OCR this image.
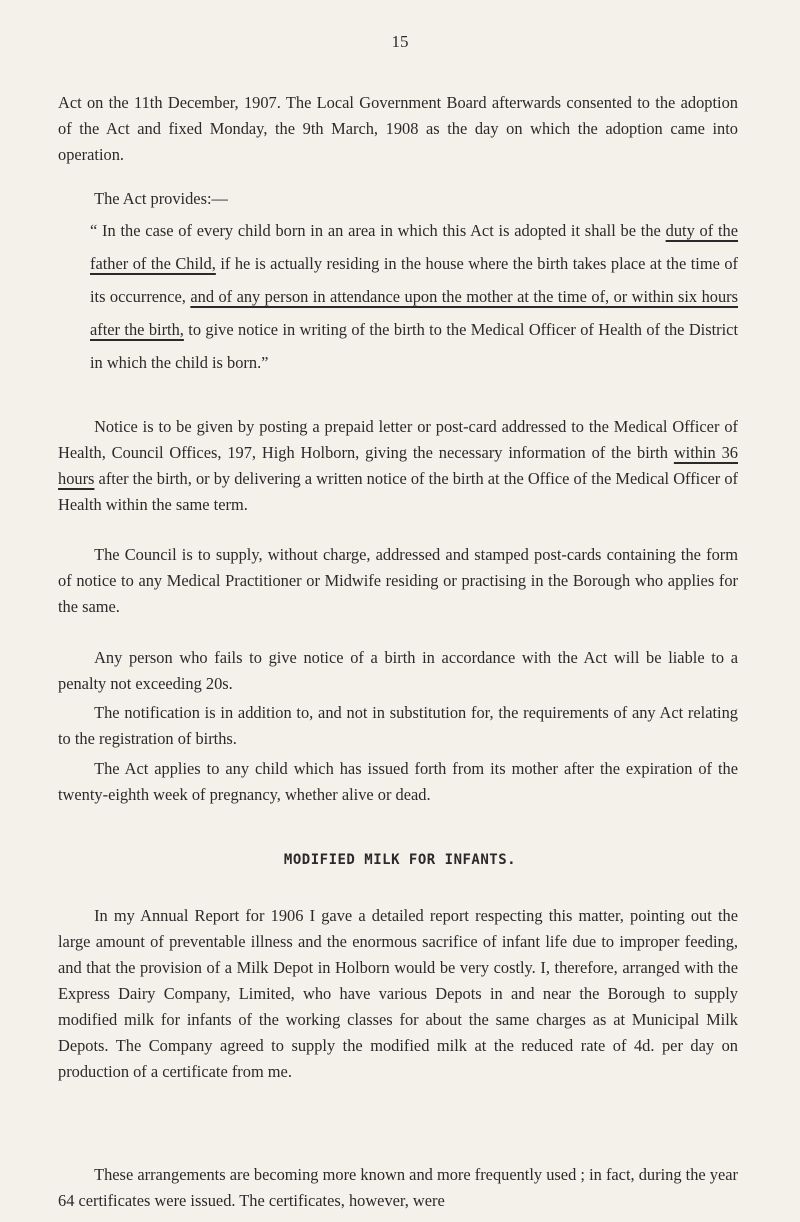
15
Act on the 11th December, 1907. The Local Government Board afterwards consented to the adoption of the Act and fixed Monday, the 9th March, 1908 as the day on which the adoption came into operation.
The Act provides:—
“ In the case of every child born in an area in which this Act is adopted it shall be the duty of the father of the Child, if he is actually residing in the house where the birth takes place at the time of its occurrence, and of any person in attendance upon the mother at the time of, or within six hours after the birth, to give notice in writing of the birth to the Medical Officer of Health of the District in which the child is born.”
Notice is to be given by posting a prepaid letter or post-card addressed to the Medical Officer of Health, Council Offices, 197, High Holborn, giving the necessary information of the birth within 36 hours after the birth, or by delivering a written notice of the birth at the Office of the Medical Officer of Health within the same term.
The Council is to supply, without charge, addressed and stamped post-cards containing the form of notice to any Medical Practitioner or Midwife residing or practising in the Borough who applies for the same.
Any person who fails to give notice of a birth in accordance with the Act will be liable to a penalty not exceeding 20s.
The notification is in addition to, and not in substitution for, the requirements of any Act relating to the registration of births.
The Act applies to any child which has issued forth from its mother after the expiration of the twenty-eighth week of pregnancy, whether alive or dead.
MODIFIED MILK FOR INFANTS.
In my Annual Report for 1906 I gave a detailed report respecting this matter, pointing out the large amount of preventable illness and the enormous sacrifice of infant life due to improper feeding, and that the provision of a Milk Depot in Holborn would be very costly. I, therefore, arranged with the Express Dairy Company, Limited, who have various Depots in and near the Borough to supply modified milk for infants of the working classes for about the same charges as at Municipal Milk Depots. The Company agreed to supply the modified milk at the reduced rate of 4d. per day on production of a certificate from me.
These arrangements are becoming more known and more frequently used ; in fact, during the year 64 certificates were issued. The certificates, however, were
